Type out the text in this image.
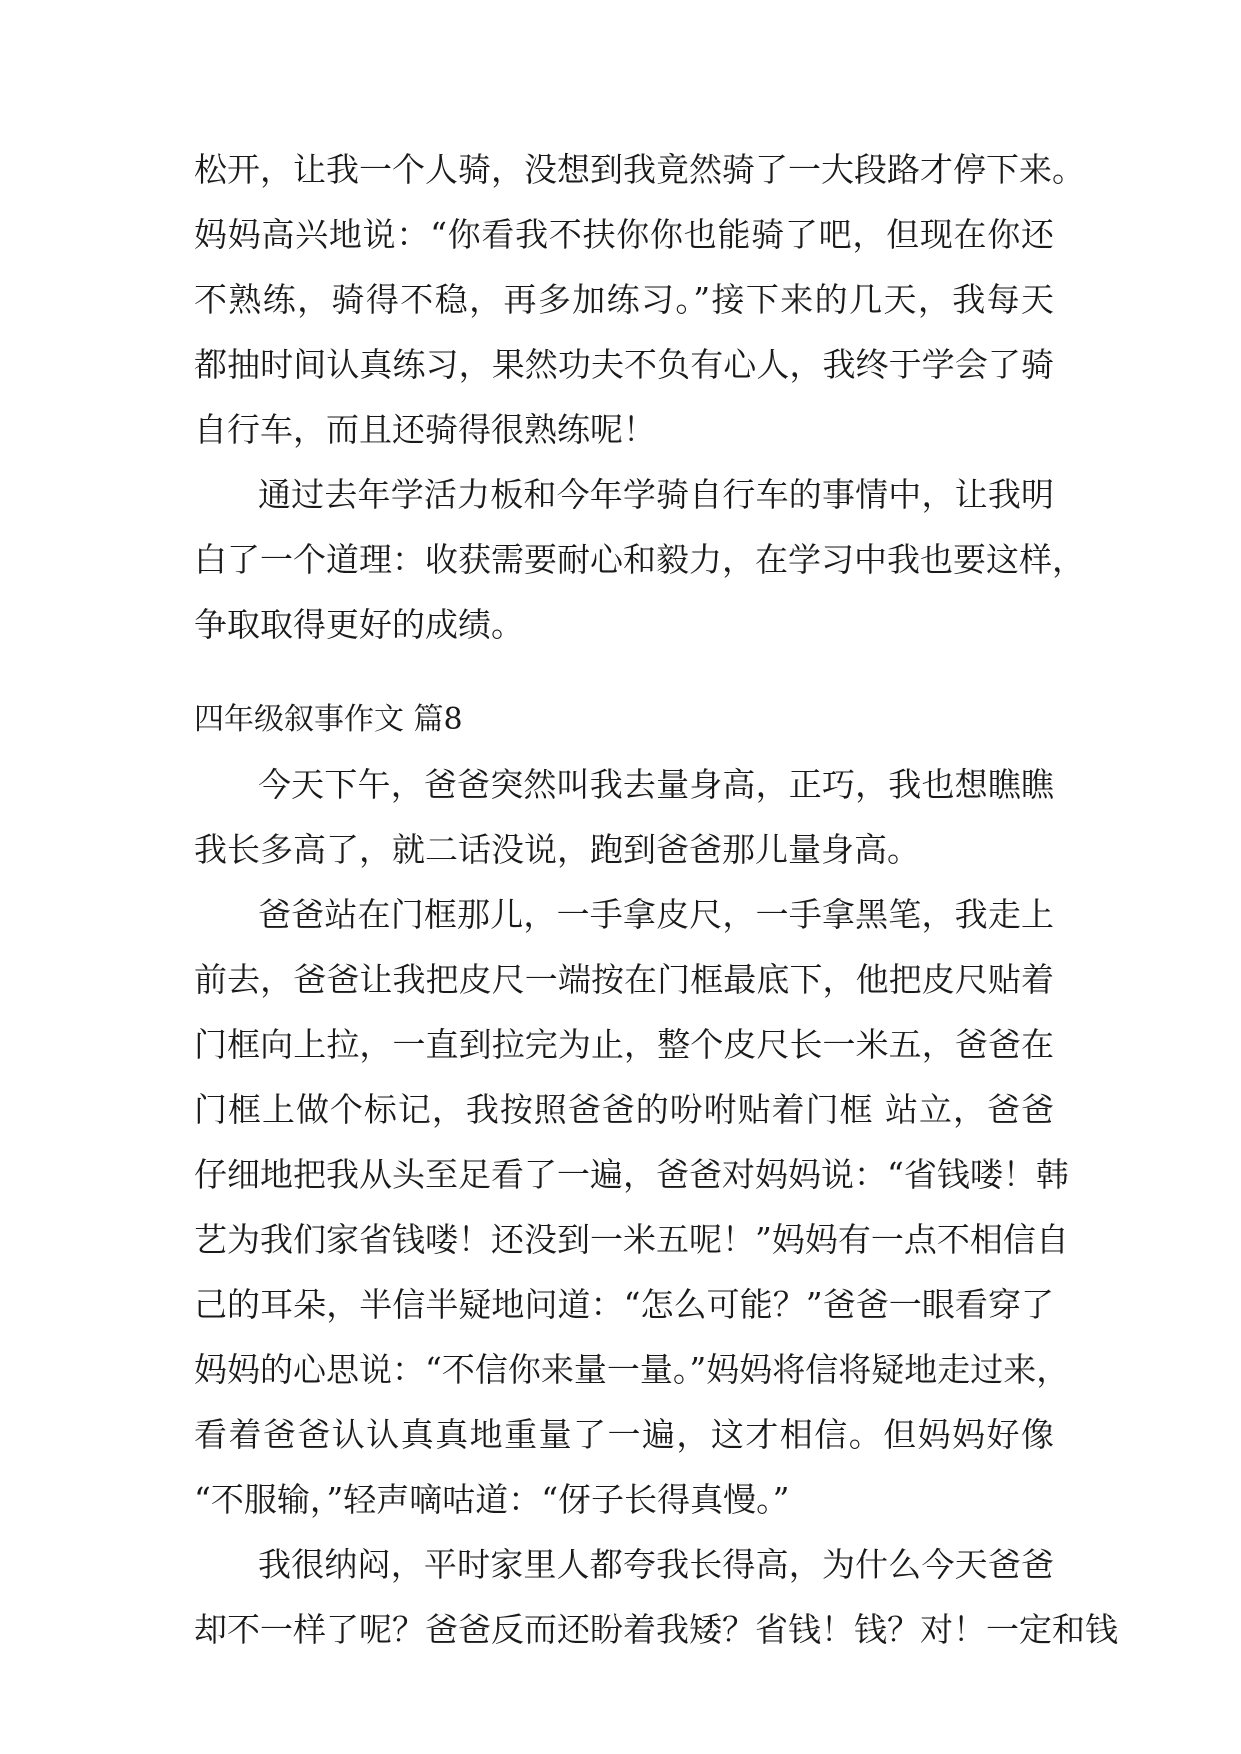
松开，让我一个人骑，没想到我竟然骑了一大段路才停下来。
妈妈高兴地说：“你看我不扶你你也能骑了吧，但现在你还
不熟练，骑得不稳，再多加练习。”接下来的几天，我每天
都抽时间认真练习，果然功夫不负有心人，我终于学会了骑
自行车，而且还骑得很熟练呢！
通过去年学活力板和今年学骑自行车的事情中，让我明
白了一个道理：收获需要耐心和毅力，在学习中我也要这样，
争取取得更好的成绩。
四年级叙事作文 篇8
今天下午，爸爸突然叫我去量身高，正巧，我也想瞧瞧
我长多高了，就二话没说，跑到爸爸那儿量身高。
爸爸站在门框那儿，一手拿皮尺，一手拿黑笔，我走上
前去，爸爸让我把皮尺一端按在门框最底下，他把皮尺贴着
门框向上拉，一直到拉完为止，整个皮尺长一米五，爸爸在
门框上做个标记，我按照爸爸的吩咐贴着门框 站立，爸爸
仔细地把我从头至足看了一遍，爸爸对妈妈说：“省钱喽！韩
艺为我们家省钱喽！还没到一米五呢！”妈妈有一点不相信自
己的耳朵，半信半疑地问道：“怎么可能？”爸爸一眼看穿了
妈妈的心思说：“不信你来量一量。”妈妈将信将疑地走过来，
看着爸爸认认真真地重量了一遍，这才相信。但妈妈好像
“不服输，”轻声嘀咕道：“伢子长得真慢。”
我很纳闷，平时家里人都夸我长得高，为什么今天爸爸
却不一样了呢？爸爸反而还盼着我矮？省钱！钱？对！一定和钱
